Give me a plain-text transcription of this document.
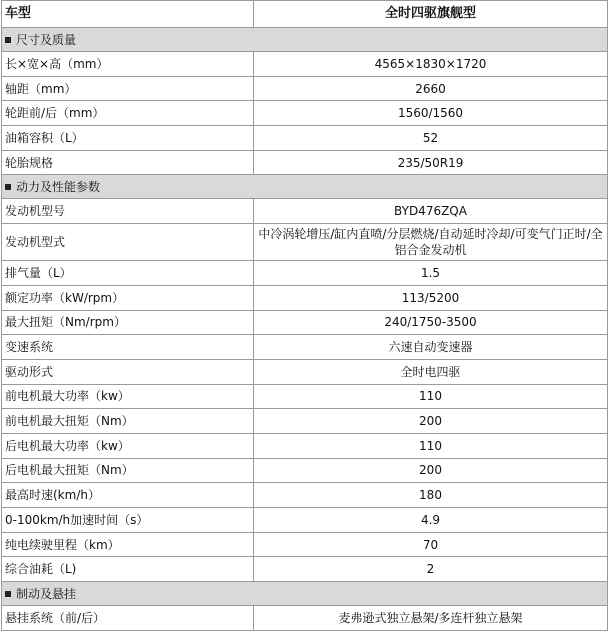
车型	全时四驱旗舰型
尺寸及质量	
长×宽×高（mm）	4565×1830×1720
轴距（mm）	2660
轮距前/后（mm）	1560/1560
油箱容积（L）	52
轮胎规格	235/50R19
动力及性能参数	
发动机型号	BYD476ZQA
发动机型式	中冷涡轮增压/缸内直喷/分层燃烧/自动延时冷却/可变气门正时/全铝合金发动机
排气量（L）	1.5
额定功率（kW/rpm）	113/5200
最大扭矩（Nm/rpm）	240/1750-3500
变速系统	六速自动变速器
驱动形式	全时电四驱
前电机最大功率（kw）	110
前电机最大扭矩（Nm）	200
后电机最大功率（kw）	110
后电机最大扭矩（Nm）	200
最高时速(km/h）	180
0-100km/h加速时间（s）	4.9
纯电续驶里程（km）	70
综合油耗（L)	2
制动及悬挂	
悬挂系统（前/后）	麦弗逊式独立悬架/多连杆独立悬架
